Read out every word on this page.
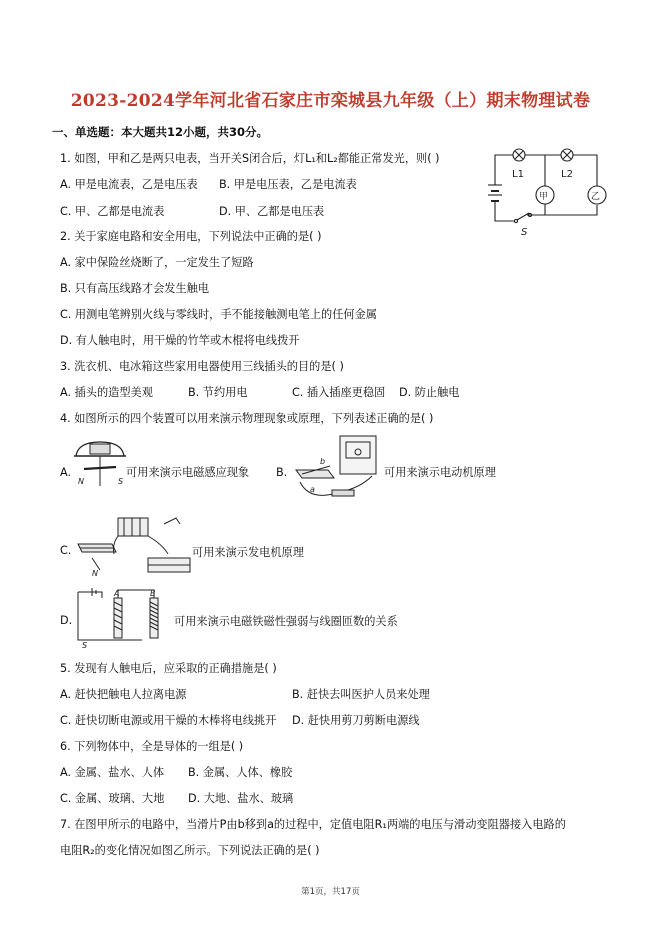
2023-2024学年河北省石家庄市栾城县九年级（上）期末物理试卷
一、单选题：本大题共12小题，共30分。
1. 如图，甲和乙是两只电表，当开关S闭合后，灯L₁和L₂都能正常发光，则( )
A. 甲是电流表，乙是电压表 B. 甲是电压表，乙是电流表
C. 甲、乙都是电流表	D. 甲、乙都是电压表
L1	L2
甲	乙
S
2. 关于家庭电路和安全用电，下列说法中正确的是( )
A. 家中保险丝烧断了，一定发生了短路
B. 只有高压线路才会发生触电
C. 用测电笔辨别火线与零线时，手不能接触测电笔上的任何金属
D. 有人触电时，用干燥的竹竿或木棍将电线拨开
3. 洗衣机、电冰箱这些家用电器使用三线插头的目的是( )
A. 插头的造型美观	B. 节约用电	C. 插入插座更稳固 D. 防止触电
4. 如图所示的四个装置可以用来演示物理现象或原理，下列表述正确的是( )
A.
N	S
可用来演示电磁感应现象 B.
b
a
可用来演示电动机原理
C.
N
可用来演示发电机原理
D.
A	B
S
可用来演示电磁铁磁性强弱与线圈匝数的关系
5. 发现有人触电后，应采取的正确措施是( )
A. 赶快把触电人拉离电源	B. 赶快去叫医护人员来处理
C. 赶快切断电源或用干燥的木棒将电线挑开 D. 赶快用剪刀剪断电源线
6. 下列物体中，全是导体的一组是( )
A. 金属、盐水、人体 B. 金属、人体、橡胶
C. 金属、玻璃、大地 D. 大地、盐水、玻璃
7. 在图甲所示的电路中，当滑片P由b移到a的过程中，定值电阻R₁两端的电压与滑动变阻器接入电路的
电阻R₂的变化情况如图乙所示。下列说法正确的是( )
第1页，共17页
